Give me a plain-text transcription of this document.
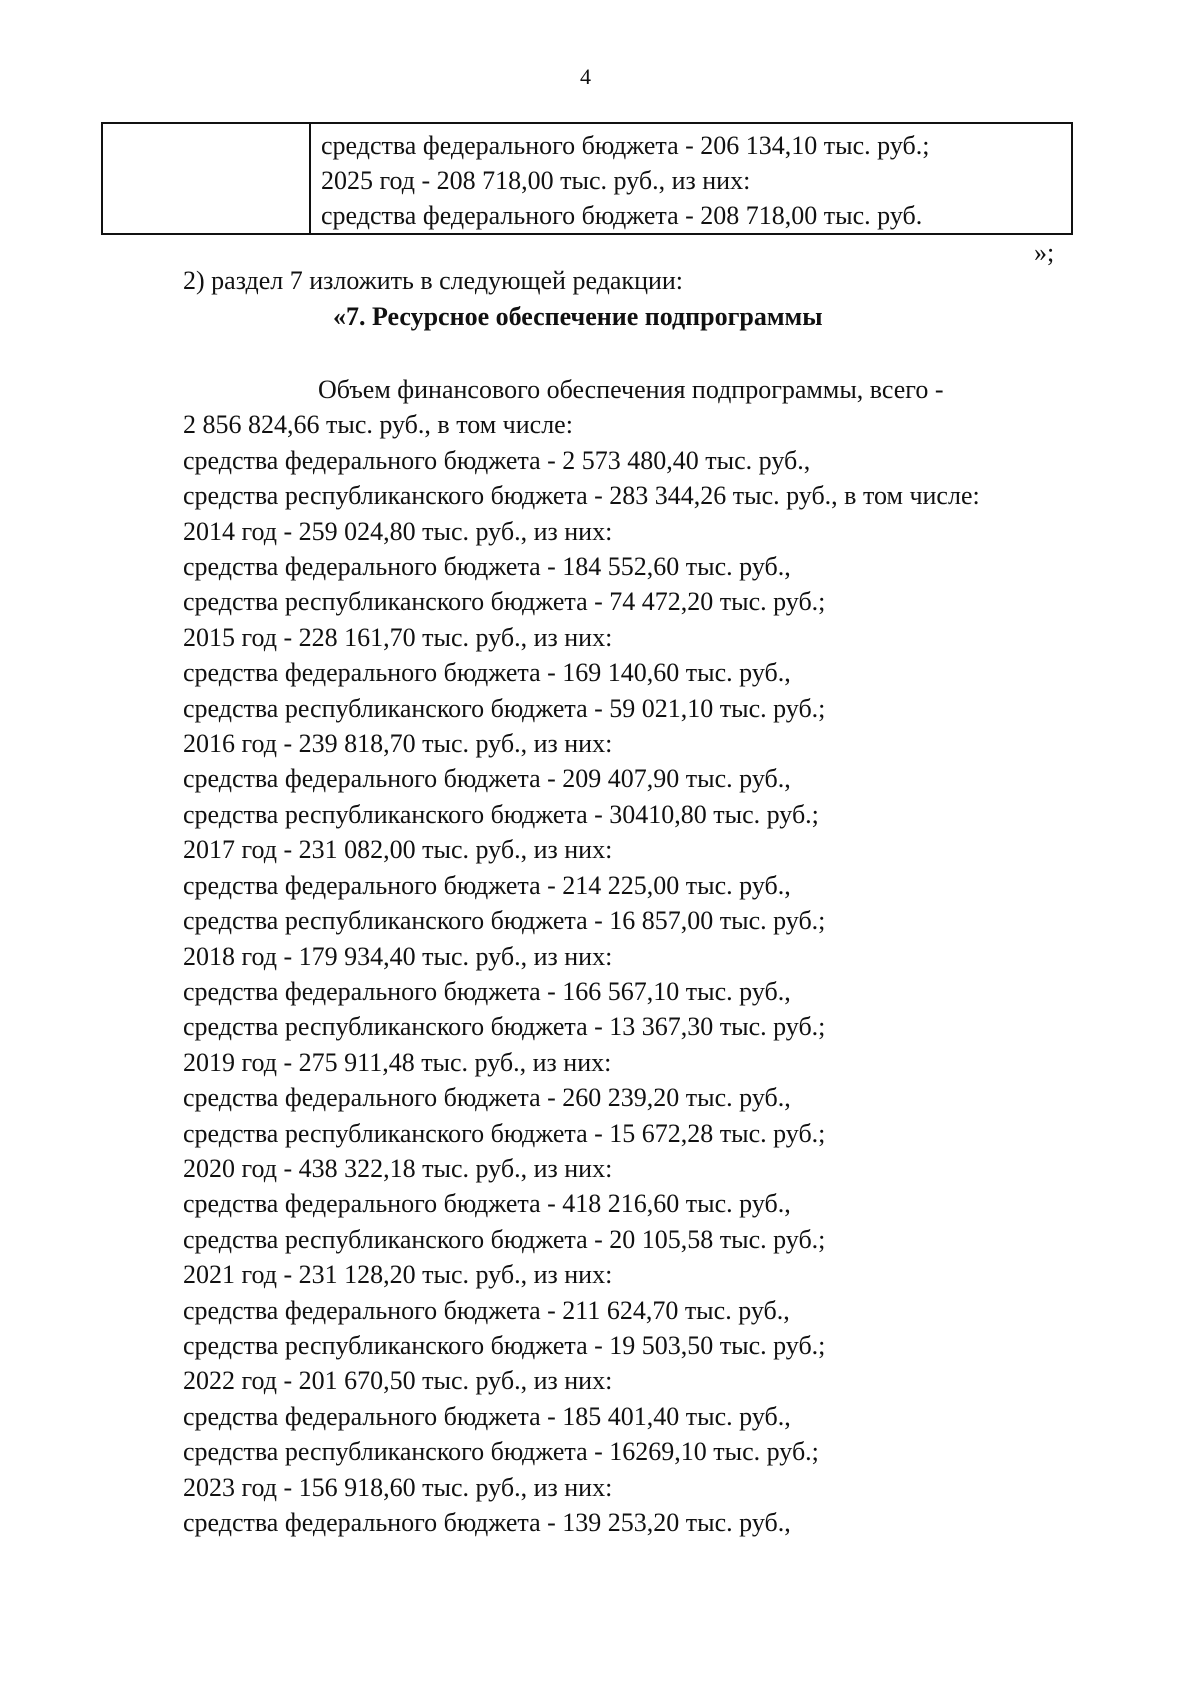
4

средства федерального бюджета - 206 134,10 тыс. руб.;
2025 год - 208 718,00 тыс. руб., из них:
средства федерального бюджета - 208 718,00 тыс. руб.
»;
2) раздел 7 изложить в следующей редакции:
«7. Ресурсное обеспечение подпрограммы
Объем финансового обеспечения подпрограммы, всего -
2 856 824,66 тыс. руб., в том числе:
средства федерального бюджета - 2 573 480,40 тыс. руб.,
средства республиканского бюджета - 283 344,26 тыс. руб., в том числе:
2014 год - 259 024,80 тыс. руб., из них:
средства федерального бюджета - 184 552,60 тыс. руб.,
средства республиканского бюджета - 74 472,20 тыс. руб.;
2015 год - 228 161,70 тыс. руб., из них:
средства федерального бюджета - 169 140,60 тыс. руб.,
средства республиканского бюджета - 59 021,10 тыс. руб.;
2016 год - 239 818,70 тыс. руб., из них:
средства федерального бюджета - 209 407,90 тыс. руб.,
средства республиканского бюджета - 30410,80 тыс. руб.;
2017 год - 231 082,00 тыс. руб., из них:
средства федерального бюджета - 214 225,00 тыс. руб.,
средства республиканского бюджета - 16 857,00 тыс. руб.;
2018 год - 179 934,40 тыс. руб., из них:
средства федерального бюджета - 166 567,10 тыс. руб.,
средства республиканского бюджета - 13 367,30 тыс. руб.;
2019 год - 275 911,48 тыс. руб., из них:
средства федерального бюджета - 260 239,20 тыс. руб.,
средства республиканского бюджета - 15 672,28 тыс. руб.;
2020 год - 438 322,18 тыс. руб., из них:
средства федерального бюджета - 418 216,60 тыс. руб.,
средства республиканского бюджета - 20 105,58 тыс. руб.;
2021 год - 231 128,20 тыс. руб., из них:
средства федерального бюджета - 211 624,70 тыс. руб.,
средства республиканского бюджета - 19 503,50 тыс. руб.;
2022 год - 201 670,50 тыс. руб., из них:
средства федерального бюджета - 185 401,40 тыс. руб.,
средства республиканского бюджета - 16269,10 тыс. руб.;
2023 год - 156 918,60 тыс. руб., из них:
средства федерального бюджета - 139 253,20 тыс. руб.,
